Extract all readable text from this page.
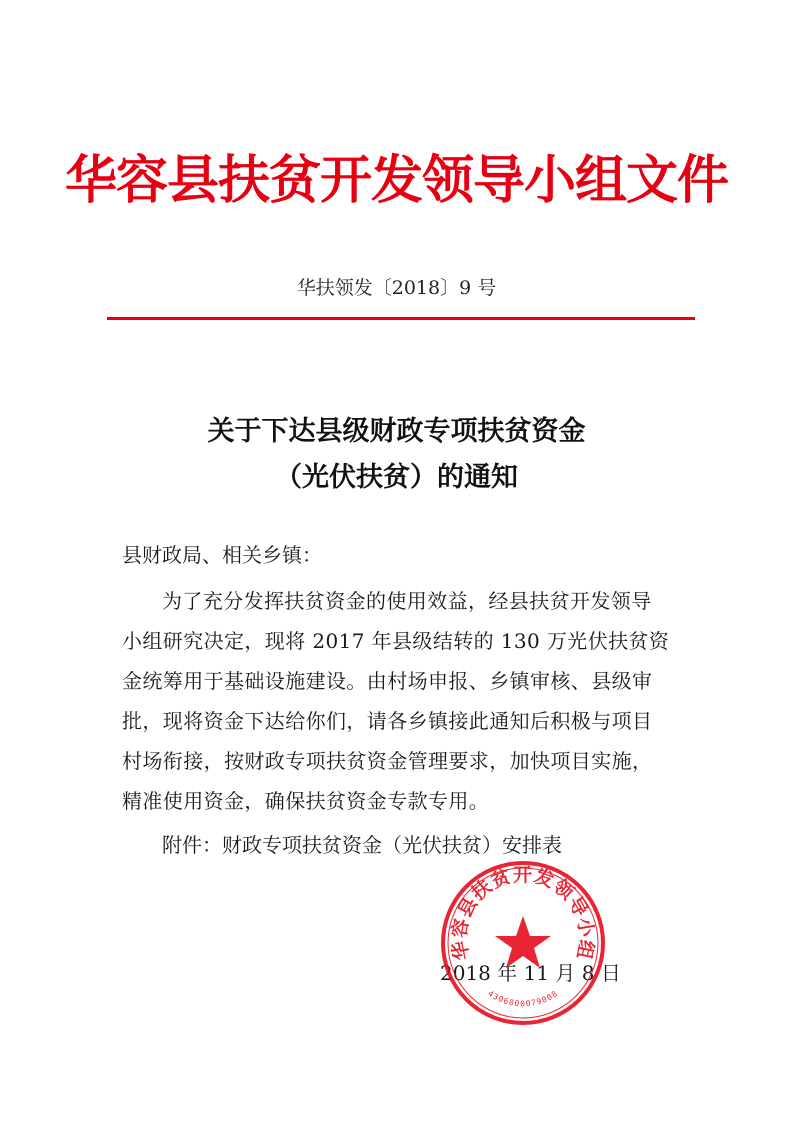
华容县扶贫开发领导小组文件
华扶领发〔2018〕9 号
关于下达县级财政专项扶贫资金
（光伏扶贫）的通知
县财政局、相关乡镇：
为了充分发挥扶贫资金的使用效益，经县扶贫开发领导
小组研究决定，现将 2017 年县级结转的 130 万光伏扶贫资
金统筹用于基础设施建设。由村场申报、乡镇审核、县级审
批，现将资金下达给你们，请各乡镇接此通知后积极与项目
村场衔接，按财政专项扶贫资金管理要求，加快项目实施，
精准使用资金，确保扶贫资金专款专用。
附件：财政专项扶贫资金（光伏扶贫）安排表
2018 年 11 月 8 日
华容县扶贫开发领导小组
4306000079008
